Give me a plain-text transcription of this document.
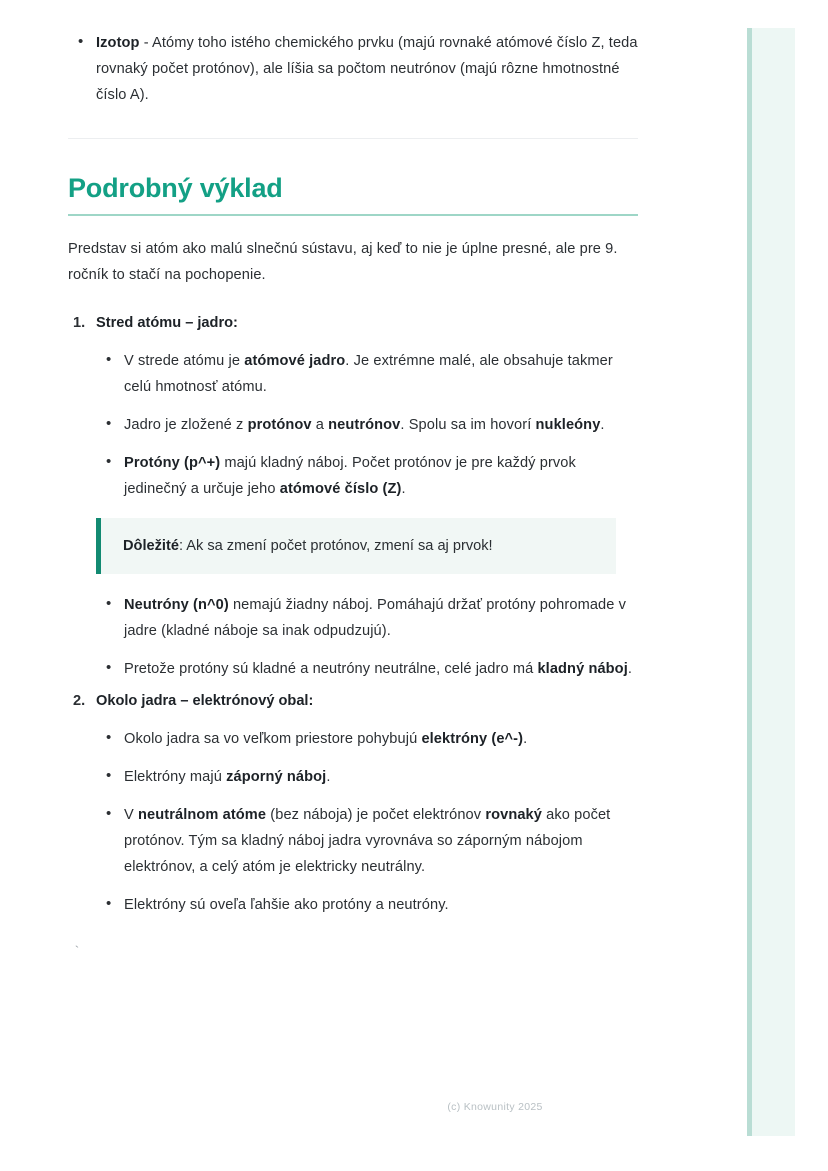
• Izotop - Atómy toho istého chemického prvku (majú rovnaké atómové číslo Z, teda rovnaký počet protónov), ale líšia sa počtom neutrónov (majú rôzne hmotnostné číslo A).
Podrobný výklad

Predstav si atóm ako malú slnečnú sústavu, aj keď to nie je úplne presné, ale pre 9. ročník to stačí na pochopenie.

Stred atómu – jadro:
• V strede atómu je atómové jadro. Je extrémne malé, ale obsahuje takmer celú hmotnosť atómu.
• Jadro je zložené z protónov a neutrónov. Spolu sa im hovorí nukleóny.
• Protóny (p^+) majú kladný náboj. Počet protónov je pre každý prvok jedinečný a určuje jeho atómové číslo (Z).
Dôležité: Ak sa zmení počet protónov, zmení sa aj prvok!
• Neutróny (n^0) nemajú žiadny náboj. Pomáhajú držať protóny pohromade v jadre (kladné náboje sa inak odpudzujú).
• Pretože protóny sú kladné a neutróny neutrálne, celé jadro má kladný náboj.
Okolo jadra – elektrónový obal:
• Okolo jadra sa vo veľkom priestore pohybujú elektróny (e^-).
• Elektróny majú záporný náboj.
• V neutrálnom atóme (bez náboja) je počet elektrónov rovnaký ako počet protónov. Tým sa kladný náboj jadra vyrovnáva so záporným nábojom elektrónov, a celý atóm je elektricky neutrálny.
• Elektróny sú oveľa ľahšie ako protóny a neutróny.
`
(c) Knowunity 2025
